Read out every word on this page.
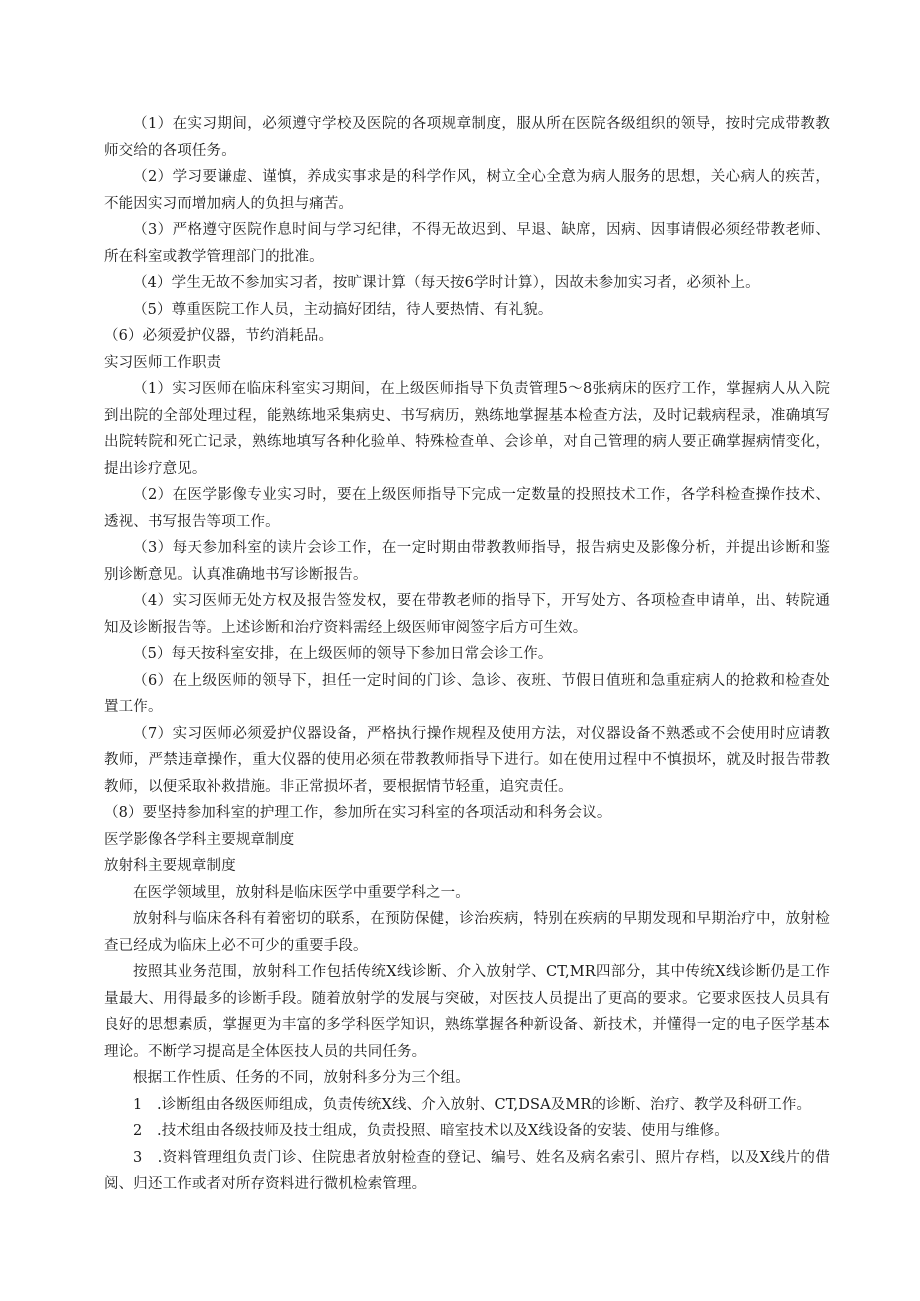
（1）在实习期间，必须遵守学校及医院的各项规章制度，服从所在医院各级组织的领导，按时完成带教教师交给的各项任务。

（2）学习要谦虚、谨慎，养成实事求是的科学作风，树立全心全意为病人服务的思想，关心病人的疾苦，不能因实习而增加病人的负担与痛苦。

（3）严格遵守医院作息时间与学习纪律，不得无故迟到、早退、缺席，因病、因事请假必须经带教老师、所在科室或教学管理部门的批准。

（4）学生无故不参加实习者，按旷课计算（每天按6学时计算），因故未参加实习者，必须补上。

（5）尊重医院工作人员，主动搞好团结，待人要热情、有礼貌。

（6）必须爱护仪器，节约消耗品。

实习医师工作职责

（1）实习医师在临床科室实习期间，在上级医师指导下负责管理5～8张病床的医疗工作，掌握病人从入院到出院的全部处理过程，能熟练地采集病史、书写病历，熟练地掌握基本检查方法，及时记载病程录，准确填写出院转院和死亡记录，熟练地填写各种化验单、特殊检查单、会诊单，对自己管理的病人要正确掌握病情变化，提出诊疗意见。

（2）在医学影像专业实习时，要在上级医师指导下完成一定数量的投照技术工作，各学科检查操作技术、透视、书写报告等项工作。

（3）每天参加科室的读片会诊工作，在一定时期由带教教师指导，报告病史及影像分析，并提出诊断和鉴别诊断意见。认真准确地书写诊断报告。

（4）实习医师无处方权及报告签发权，要在带教老师的指导下，开写处方、各项检查申请单，出、转院通知及诊断报告等。上述诊断和治疗资料需经上级医师审阅签字后方可生效。

（5）每天按科室安排，在上级医师的领导下参加日常会诊工作。

（6）在上级医师的领导下，担任一定时间的门诊、急诊、夜班、节假日值班和急重症病人的抢救和检查处置工作。

（7）实习医师必须爱护仪器设备，严格执行操作规程及使用方法，对仪器设备不熟悉或不会使用时应请教教师，严禁违章操作，重大仪器的使用必须在带教教师指导下进行。如在使用过程中不慎损坏，就及时报告带教教师，以便采取补救措施。非正常损坏者，要根据情节轻重，追究责任。

（8）要坚持参加科室的护理工作，参加所在实习科室的各项活动和科务会议。

医学影像各学科主要规章制度

放射科主要规章制度

在医学领域里，放射科是临床医学中重要学科之一。

放射科与临床各科有着密切的联系，在预防保健，诊治疾病，特别在疾病的早期发现和早期治疗中，放射检查已经成为临床上必不可少的重要手段。

按照其业务范围，放射科工作包括传统X线诊断、介入放射学、CT,MR四部分，其中传统X线诊断仍是工作量最大、用得最多的诊断手段。随着放射学的发展与突破，对医技人员提出了更高的要求。它要求医技人员具有良好的思想素质，掌握更为丰富的多学科医学知识，熟练掌握各种新设备、新技术，并懂得一定的电子医学基本理论。不断学习提高是全体医技人员的共同任务。

根据工作性质、任务的不同，放射科多分为三个组。

1　.诊断组由各级医师组成，负责传统X线、介入放射、CT,DSA及MR的诊断、治疗、教学及科研工作。

2　.技术组由各级技师及技士组成，负责投照、暗室技术以及X线设备的安装、使用与维修。

3　.资料管理组负责门诊、住院患者放射检查的登记、编号、姓名及病名索引、照片存档，以及X线片的借阅、归还工作或者对所存资料进行微机检索管理。
